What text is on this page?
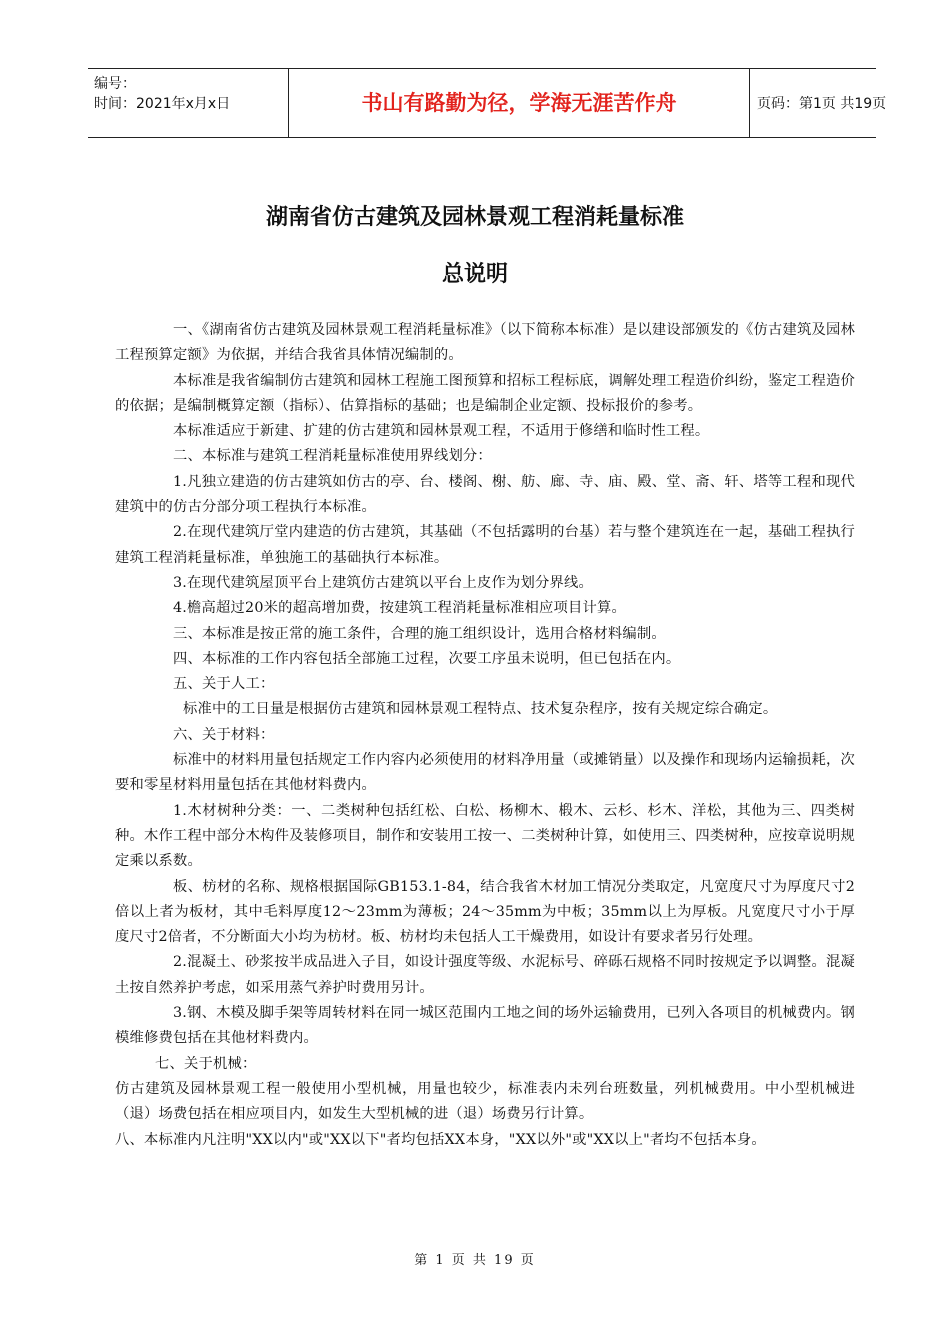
编号：
时间：2021年x月x日	书山有路勤为径，学海无涯苦作舟	页码：第1页 共19页
湖南省仿古建筑及园林景观工程消耗量标准
总说明

一、《湖南省仿古建筑及园林景观工程消耗量标准》（以下简称本标准）是以建设部颁发的《仿古建筑及园林工程预算定额》为依据，并结合我省具体情况编制的。

本标准是我省编制仿古建筑和园林工程施工图预算和招标工程标底，调解处理工程造价纠纷，鉴定工程造价的依据；是编制概算定额（指标）、估算指标的基础；也是编制企业定额、投标报价的参考。

本标准适应于新建、扩建的仿古建筑和园林景观工程，不适用于修缮和临时性工程。

二、本标准与建筑工程消耗量标准使用界线划分：

1.凡独立建造的仿古建筑如仿古的亭、台、楼阁、榭、舫、廊、寺、庙、殿、堂、斋、轩、塔等工程和现代建筑中的仿古分部分项工程执行本标准。

2.在现代建筑厅堂内建造的仿古建筑，其基础（不包括露明的台基）若与整个建筑连在一起，基础工程执行建筑工程消耗量标准，单独施工的基础执行本标准。

3.在现代建筑屋顶平台上建筑仿古建筑以平台上皮作为划分界线。

4.檐高超过20米的超高增加费，按建筑工程消耗量标准相应项目计算。

三、本标准是按正常的施工条件，合理的施工组织设计，选用合格材料编制。

四、本标准的工作内容包括全部施工过程，次要工序虽未说明，但已包括在内。

五、关于人工：

标准中的工日量是根据仿古建筑和园林景观工程特点、技术复杂程序，按有关规定综合确定。

六、关于材料：

标准中的材料用量包括规定工作内容内必须使用的材料净用量（或摊销量）以及操作和现场内运输损耗，次要和零星材料用量包括在其他材料费内。

1.木材树种分类：一、二类树种包括红松、白松、杨柳木、椴木、云杉、杉木、洋松，其他为三、四类树种。木作工程中部分木构件及装修项目，制作和安装用工按一、二类树种计算，如使用三、四类树种，应按章说明规定乘以系数。

板、枋材的名称、规格根据国际GB153.1-84，结合我省木材加工情况分类取定，凡宽度尺寸为厚度尺寸2倍以上者为板材，其中毛料厚度12～23mm为薄板；24～35mm为中板；35mm以上为厚板。凡宽度尺寸小于厚度尺寸2倍者，不分断面大小均为枋材。板、枋材均未包括人工干燥费用，如设计有要求者另行处理。

2.混凝土、砂浆按半成品进入子目，如设计强度等级、水泥标号、碎砾石规格不同时按规定予以调整。混凝土按自然养护考虑，如采用蒸气养护时费用另计。

3.钢、木模及脚手架等周转材料在同一城区范围内工地之间的场外运输费用，已列入各项目的机械费内。钢模维修费包括在其他材料费内。

七、关于机械：

仿古建筑及园林景观工程一般使用小型机械，用量也较少，标准表内未列台班数量，列机械费用。中小型机械进（退）场费包括在相应项目内，如发生大型机械的进（退）场费另行计算。

八、本标准内凡注明"XX以内"或"XX以下"者均包括XX本身，"XX以外"或"XX以上"者均不包括本身。

第 1 页 共 19 页
